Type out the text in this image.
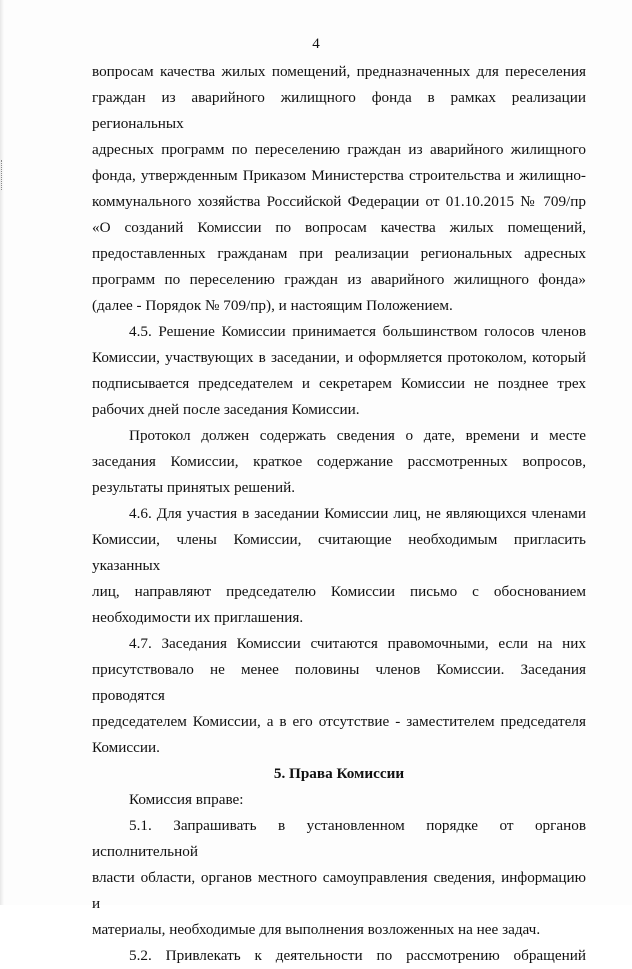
4

вопросам качества жилых помещений, предназначенных для переселения

граждан из аварийного жилищного фонда в рамках реализации региональных

адресных программ по переселению граждан из аварийного жилищного

фонда, утвержденным Приказом Министерства строительства и жилищно-

коммунального хозяйства Российской Федерации от 01.10.2015 № 709/пр

«О созданий Комиссии по вопросам качества жилых помещений,

предоставленных гражданам при реализации региональных адресных

программ по переселению граждан из аварийного жилищного фонда»

(далее - Порядок № 709/пр), и настоящим Положением.

4.5. Решение Комиссии принимается большинством голосов членов

Комиссии, участвующих в заседании, и оформляется протоколом, который

подписывается председателем и секретарем Комиссии не позднее трех

рабочих дней после заседания Комиссии.

Протокол должен содержать сведения о дате, времени и месте

заседания Комиссии, краткое содержание рассмотренных вопросов,

результаты принятых решений.

4.6. Для участия в заседании Комиссии лиц, не являющихся членами

Комиссии, члены Комиссии, считающие необходимым пригласить указанных

лиц, направляют председателю Комиссии письмо с обоснованием

необходимости их приглашения.

4.7. Заседания Комиссии считаются правомочными, если на них

присутствовало не менее половины членов Комиссии. Заседания проводятся

председателем Комиссии, а в его отсутствие - заместителем председателя

Комиссии.

5. Права Комиссии

Комиссия вправе:

5.1. Запрашивать в установленном порядке от органов исполнительной

власти области, органов местного самоуправления сведения, информацию и

материалы, необходимые для выполнения возложенных на нее задач.

5.2. Привлекать к деятельности по рассмотрению обращений
